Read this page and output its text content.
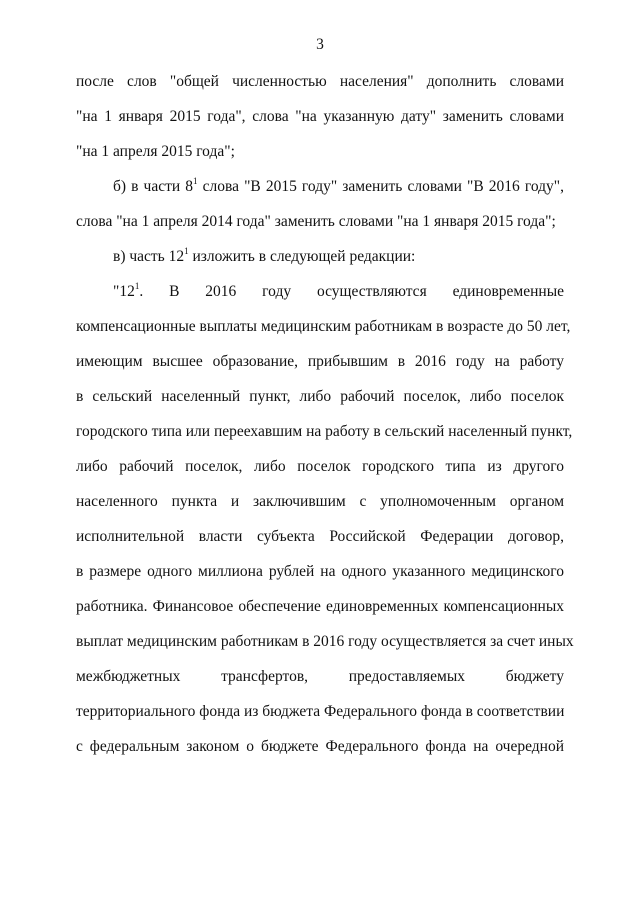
3
после слов "общей численностью населения" дополнить словами
"на 1 января 2015 года", слова "на указанную дату" заменить словами
"на 1 апреля 2015 года";
б) в части $8^1$ слова "В 2015 году" заменить словами "В 2016 году",
слова "на 1 апреля 2014 года" заменить словами "на 1 января 2015 года";
в) часть $12^1$ изложить в следующей редакции:
"$12^1$. В 2016 году осуществляются единовременные
компенсационные выплаты медицинским работникам в возрасте до 50 лет,
имеющим высшее образование, прибывшим в 2016 году на работу
в сельский населенный пункт, либо рабочий поселок, либо поселок
городского типа или переехавшим на работу в сельский населенный пункт,
либо рабочий поселок, либо поселок городского типа из другого
населенного пункта и заключившим с уполномоченным органом
исполнительной власти субъекта Российской Федерации договор,
в размере одного миллиона рублей на одного указанного медицинского
работника. Финансовое обеспечение единовременных компенсационных
выплат медицинским работникам в 2016 году осуществляется за счет иных
межбюджетных трансфертов, предоставляемых бюджету
территориального фонда из бюджета Федерального фонда в соответствии
с федеральным законом о бюджете Федерального фонда на очередной
